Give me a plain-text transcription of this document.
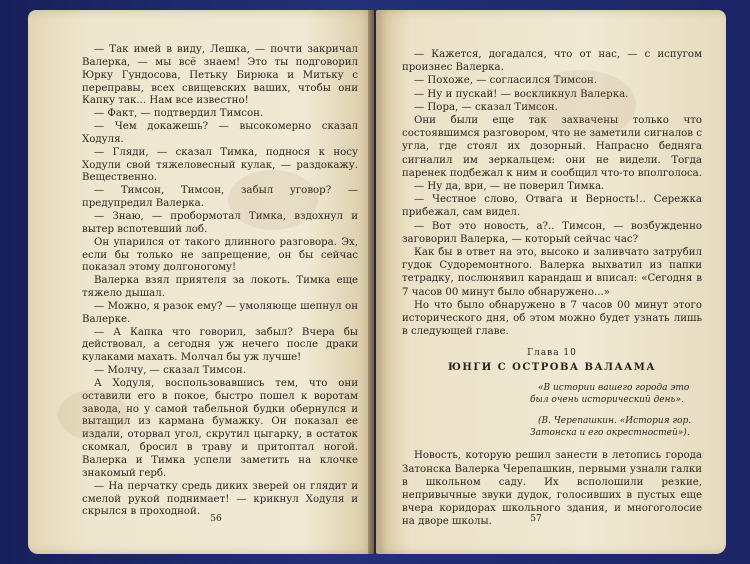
— Так имей в виду, Лешка, — почти закричал Валерка, — мы всё знаем! Это ты подговорил Юрку Гундосова, Петьку Бирюка и Митьку с переправы, всех свищевских ваших, чтобы они Капку так... Нам все известно!

— Факт, — подтвердил Тимсон.

— Чем докажешь? — высокомерно сказал Ходуля.

— Гляди, — сказал Тимка, поднося к носу Ходули свой тяжеловесный кулак, — раздокажу. Вещественно.

— Тимсон, Тимсон, забыл уговор? — предупредил Валерка.

— Знаю, — пробормотал Тимка, вздохнул и вытер вспотевший лоб.

Он упарился от такого длинного разговора. Эх, если бы только не запрещение, он бы сейчас показал этому долгоногому!

Валерка взял приятеля за локоть. Тимка еще тяжело дышал.

— Можно, я разок ему? — умоляюще шепнул он Валерке.

— А Капка что говорил, забыл? Вчера бы действовал, а сегодня уж нечего после драки кулаками махать. Молчал бы уж лучше!

— Молчу, — сказал Тимсон.

А Ходуля, воспользовавшись тем, что они оставили его в покое, быстро пошел к воротам завода, но у самой табельной будки обернулся и вытащил из кармана бумажку. Он показал ее издали, оторвал угол, скрутил цыгарку, в остаток скомкал, бросил в траву и притоптал ногой. Валерка и Тимка успели заметить на клочке знакомый герб.

— На перчатку средь диких зверей он глядит и смелой рукой поднимает! — крикнул Ходуля и скрылся в проходной.

56

— Кажется, догадался, что от нас, — с испугом произнес Валерка.

— Похоже, — согласился Тимсон.

— Ну и пускай! — воскликнул Валерка.

— Пора, — сказал Тимсон.

Они были еще так захвачены только что состоявшимся разговором, что не заметили сигналов с угла, где стоял их дозорный. Напрасно бедняга сигналил им зеркальцем: они не видели. Тогда паренек подбежал к ним и сообщил что-то вполголоса.

— Ну да, ври, — не поверил Тимка.

— Честное слово, Отвага и Верность!.. Сережка прибежал, сам видел.

— Вот это новость, а?.. Тимсон, — возбужденно заговорил Валерка, — который сейчас час?

Как бы в ответ на это, высоко и заливчато затрубил гудок Судоремонтного. Валерка выхватил из папки тетрадку, послюнявил карандаш и вписал: «Сегодня в 7 часов 00 минут было обнаружено...»

Но что было обнаружено в 7 часов 00 минут этого исторического дня, об этом можно будет узнать лишь в следующей главе.

Глава 10
ЮНГИ С ОСТРОВА ВАЛААМА
«В истории вашего города это был очень исторический день».
(В. Черепашкин. «История гор. Затонска и его окрестностей»).

Новость, которую решил занести в летопись города Затонска Валерка Черепашкин, первыми узнали галки в школьном саду. Их всполошили резкие, непривычные звуки дудок, голосивших в пустых еще вчера коридорах школьного здания, и многоголосие на дворе школы.	57
